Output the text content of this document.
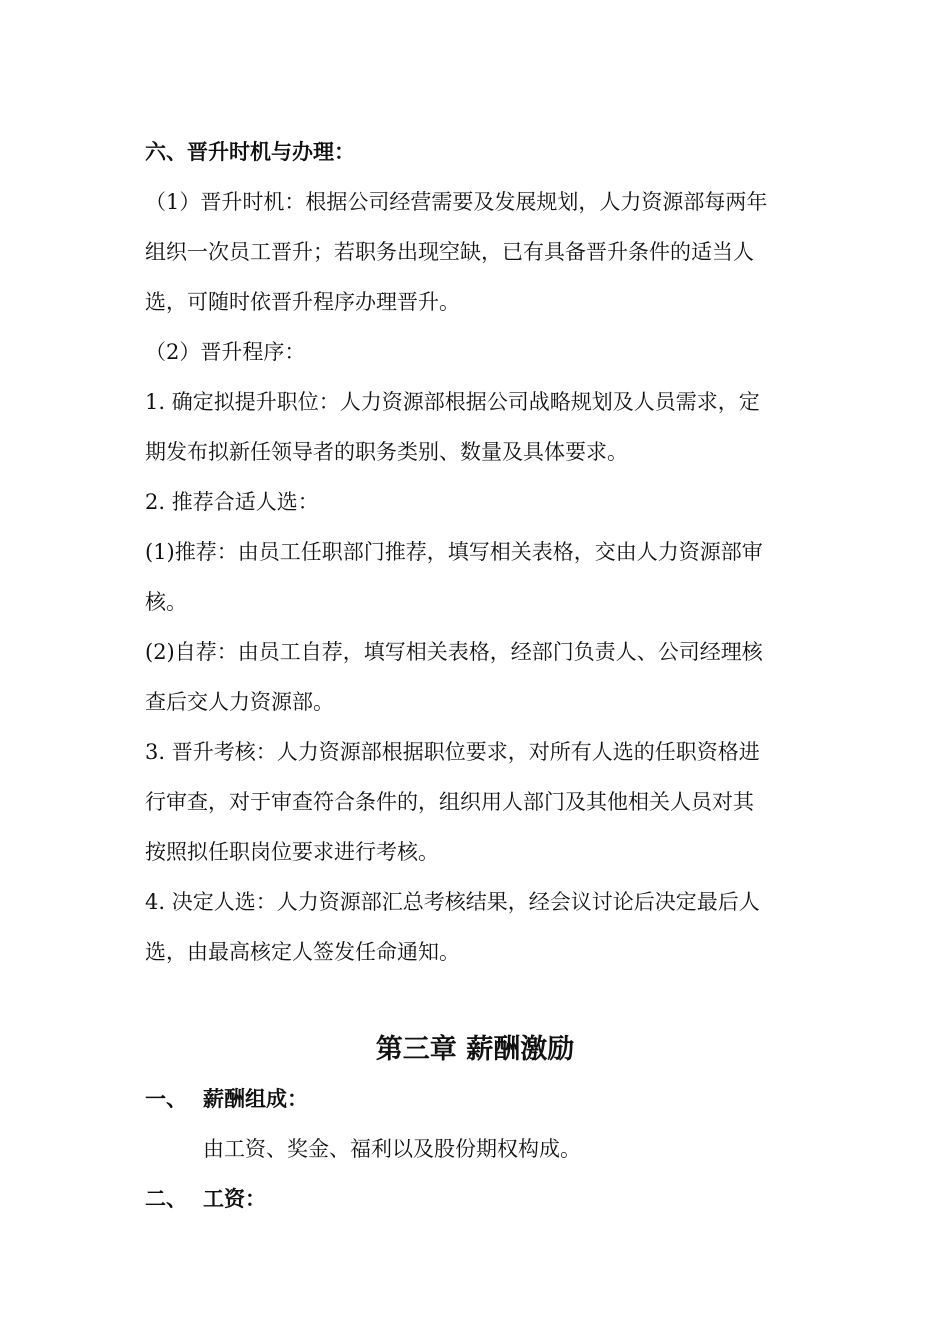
六、晋升时机与办理：
（1）晋升时机：根据公司经营需要及发展规划，人力资源部每两年
组织一次员工晋升；若职务出现空缺，已有具备晋升条件的适当人
选，可随时依晋升程序办理晋升。
（2）晋升程序：
1. 确定拟提升职位：人力资源部根据公司战略规划及人员需求，定
期发布拟新任领导者的职务类别、数量及具体要求。
2. 推荐合适人选：
(1)推荐：由员工任职部门推荐，填写相关表格，交由人力资源部审
核。
(2)自荐：由员工自荐，填写相关表格，经部门负责人、公司经理核
查后交人力资源部。
3. 晋升考核：人力资源部根据职位要求，对所有人选的任职资格进
行审查，对于审查符合条件的，组织用人部门及其他相关人员对其
按照拟任职岗位要求进行考核。
4. 决定人选：人力资源部汇总考核结果，经会议讨论后决定最后人
选，由最高核定人签发任命通知。
第三章 薪酬激励
一、 薪酬组成：
由工资、奖金、福利以及股份期权构成。
二、 工资：
